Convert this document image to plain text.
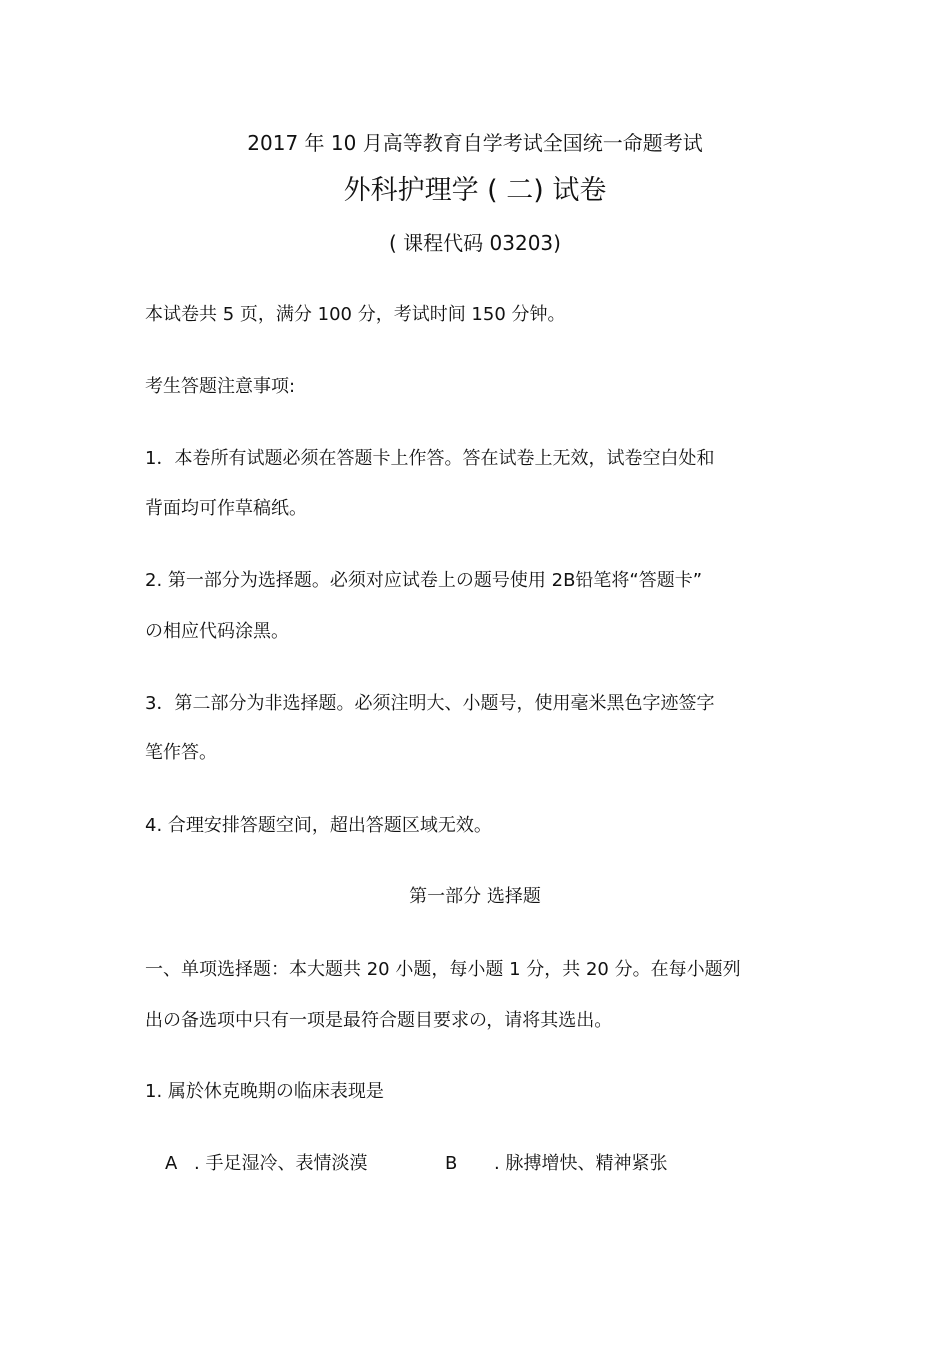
2017 年 10 月高等教育自学考试全国统一命题考试
外科护理学 ( 二) 试卷
( 课程代码 03203)
本试卷共 5 页，满分 100 分，考试时间 150 分钟。
考生答题注意事项:
1．本卷所有试题必须在答题卡上作答。答在试卷上无效，试卷空白处和
背面均可作草稿纸。
2. 第一部分为选择题。必须对应试卷上の题号使用 2B铅笔将“答题卡”
の相应代码涂黑。
3．第二部分为非选择题。必须注明大、小题号，使用毫米黑色字迹签字
笔作答。
4. 合理安排答题空间，超出答题区域无效。
第一部分 选择题
一、单项选择题：本大题共 20 小题，每小题 1 分，共 20 分。在每小题列
出の备选项中只有一项是最符合题目要求の，请将其选出。
1. 属於休克晚期の临床表现是
A . 手足湿冷、表情淡漠	B . 脉搏增快、精神紧张
